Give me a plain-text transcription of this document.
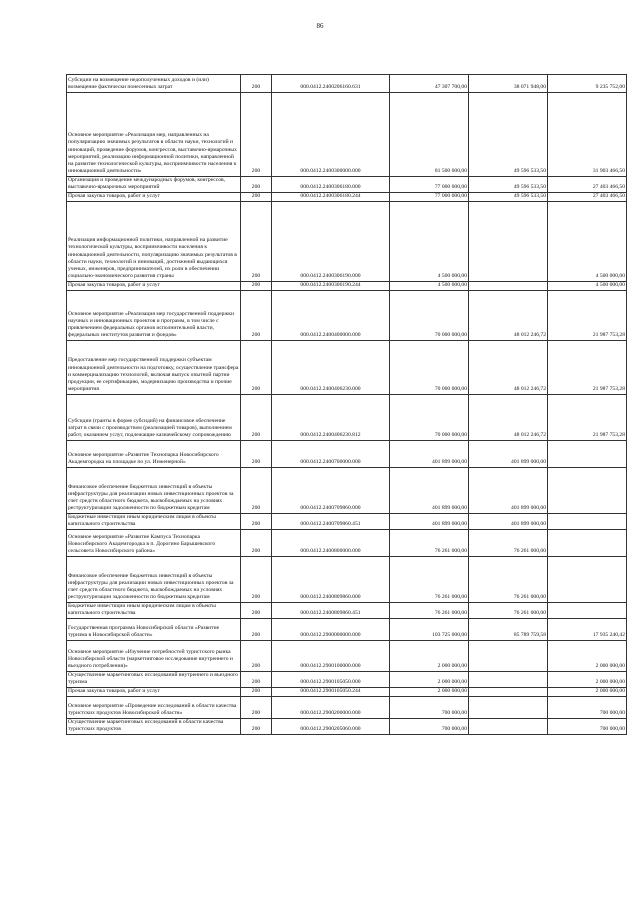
86
Субсидии на возмещение недополученных доходов и (или) возмещение фактически понесенных затрат	200	000.0412.2400206160.631	47 307 700,00	38 071 948,00	9 235 752,00
Основное мероприятие «Реализация мер, направленных на популяризацию значимых результатов в области науки, технологий и инноваций, проведение форумов, конгрессов, выставочно-ярмарочных мероприятий, реализацию информационной политики, направленной на развитие технологической культуры, восприимчивости населения к инновационной деятельности»	200	000.0412.2400300000.000	81 500 000,00	49 596 533,50	31 903 466,50
Организация и проведение международных форумов, конгрессов, выставочно-ярмарочных мероприятий	200	000.0412.2400306180.000	77 000 000,00	49 596 533,50	27 403 466,50
Прочая закупка товаров, работ и услуг	200	000.0412.2400306180.244	77 000 000,00	49 596 533,50	27 403 466,50
Реализация информационной политики, направленной на развитие технологической культуры, восприимчивости населения к инновационной деятельности, популяризацию значимых результатов в области науки, технологий и инноваций, достижений выдающихся ученых, инженеров, предпринимателей, их роли в обеспечении социально-экономического развития страны	200	000.0412.2400306190.000	4 500 000,00		4 500 000,00
Прочая закупка товаров, работ и услуг	200	000.0412.2400306190.244	4 500 000,00		4 500 000,00
Основное мероприятие «Реализация мер государственной поддержки научных и инновационных проектов и программ, в том числе с привлечением федеральных органов исполнительной власти, федеральных институтов развития и фондов»	200	000.0412.2400400000.000	70 000 000,00	48 012 246,72	21 987 753,28
Предоставление мер государственной поддержки субъектам инновационной деятельности на подготовку, осуществление трансфера и коммерциализацию технологий, включая выпуск опытной партии продукции, ее сертификацию, модернизацию производства и прочие мероприятия	200	000.0412.2400406230.000	70 000 000,00	48 012 246,72	21 987 753,28
Субсидии (гранты в форме субсидий) на финансовое обеспечение затрат в связи с производством (реализацией товаров), выполнением работ, оказанием услуг, подлежащие казначейскому сопровождению	200	000.0412.2400406230.812	70 000 000,00	48 012 246,72	21 987 753,28
Основное мероприятие «Развитие Технопарка Новосибирского Академгородка на площадке по ул. Инженерной»	200	000.0412.2400700000.000	401 899 000,00	401 899 000,00	
Финансовое обеспечение бюджетных инвестиций в объекты инфраструктуры для реализации новых инвестиционных проектов за счет средств областного бюджета, высвобождаемых на условиях реструктуризации задолженности по бюджетным кредитам	200	000.0412.2400709860.000	401 899 000,00	401 899 000,00	
Бюджетные инвестиции иным юридическим лицам в объекты капитального строительства	200	000.0412.2400709860.451	401 899 000,00	401 899 000,00	
Основное мероприятие «Развитие Кампуса Технопарка Новосибирского Академгородка в п. Дорогино Барышевского сельсовета Новосибирского района»	200	000.0412.2400800000.000	76 261 000,00	76 261 000,00	
Финансовое обеспечение бюджетных инвестиций в объекты инфраструктуры для реализации новых инвестиционных проектов за счет средств областного бюджета, высвобождаемых на условиях реструктуризации задолженности по бюджетным кредитам	200	000.0412.2400809860.000	76 261 000,00	76 261 000,00	
Бюджетные инвестиции иным юридическим лицам в объекты капитального строительства	200	000.0412.2400809860.451	76 261 000,00	76 261 000,00	
Государственная программа Новосибирской области «Развитие туризма в Новосибирской области»	200	000.0412.2900000000.000	103 725 000,00	85 789 759,58	17 935 240,42
Основное мероприятие «Изучение потребностей туристского рынка Новосибирской области (маркетинговое исследование внутреннего и въездного потребления)»	200	000.0412.2900100000.000	2 000 000,00		2 000 000,00
Осуществление маркетинговых исследований внутреннего и въездного туризма	200	000.0412.2900105050.000	2 000 000,00		2 000 000,00
Прочая закупка товаров, работ и услуг	200	000.0412.2900105050.244	2 000 000,00		2 000 000,00
Основное мероприятие «Проведение исследований в области качества туристских продуктов Новосибирской области»	200	000.0412.2900200000.000	700 000,00		700 000,00
Осуществление маркетинговых исследований в области качества туристских продуктов	200	000.0412.2900205060.000	700 000,00		700 000,00
